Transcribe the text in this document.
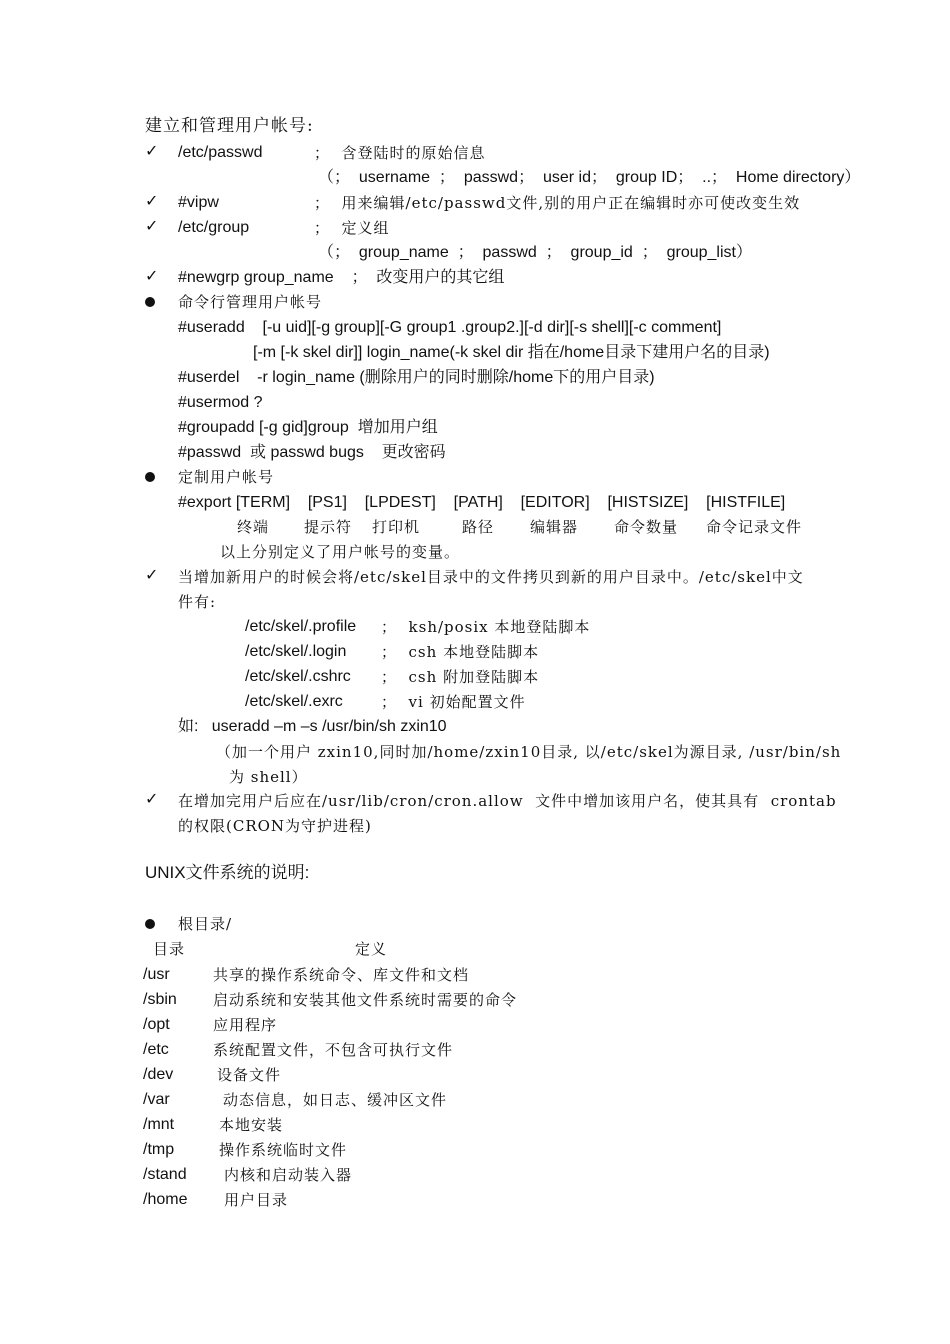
建立和管理用户帐号:
✓ /etc/passwd	；  含登陆时的原始信息
（；  username  ；  passwd；  user id；  group ID；  ..；  Home directory）
✓ #vipw	；  用来编辑/etc/passwd文件,别的用户正在编辑时亦可使改变生效
✓ /etc/group	；  定义组
（；  group_name  ；  passwd  ；  group_id  ；  group_list）
✓ #newgrp group_name    ；  改变用户的其它组
命令行管理用户帐号
#useradd    [-u uid][-g group][-G group1 .group2.][-d dir][-s shell][-c comment]
[-m [-k skel dir]] login_name(-k skel dir 指在/home目录下建用户名的目录)
#userdel    -r login_name (删除用户的同时删除/home下的用户目录)
#usermod ?
#groupadd [-g gid]group  增加用户组
#passwd  或 passwd bugs    更改密码
定制用户帐号
#export [TERM]    [PS1]    [LPDEST]    [PATH]    [EDITOR]    [HISTSIZE]    [HISTFILE]
终端 提示符 打印机	路径 编辑器 命令数量 命令记录文件
以上分别定义了用户帐号的变量。
✓ 当增加新用户的时候会将/etc/skel目录中的文件拷贝到新的用户目录中。/etc/skel中文
件有:
/etc/skel/.profile ；  ksh/posix 本地登陆脚本
/etc/skel/.login ；  csh 本地登陆脚本
/etc/skel/.cshrc ；  csh 附加登陆脚本
/etc/skel/.exrc	；  vi 初始配置文件
如:   useradd –m –s /usr/bin/sh zxin10
（加一个用户 zxin10,同时加/home/zxin10目录, 以/etc/skel为源目录, /usr/bin/sh
为 shell）
✓ 在增加完用户后应在/usr/lib/cron/cron.allow  文件中增加该用户名，使其具有  crontab
的权限(CRON为守护进程)
UNIX文件系统的说明:
根目录/
目录	定义
/usr	共享的操作系统命令、库文件和文档
/sbin 启动系统和安装其他文件系统时需要的命令
/opt	应用程序
/etc	系统配置文件，不包含可执行文件
/dev	设备文件
/var	动态信息，如日志、缓冲区文件
/mnt	本地安装
/tmp	操作系统临时文件
/stand 内核和启动装入器
/home 用户目录
